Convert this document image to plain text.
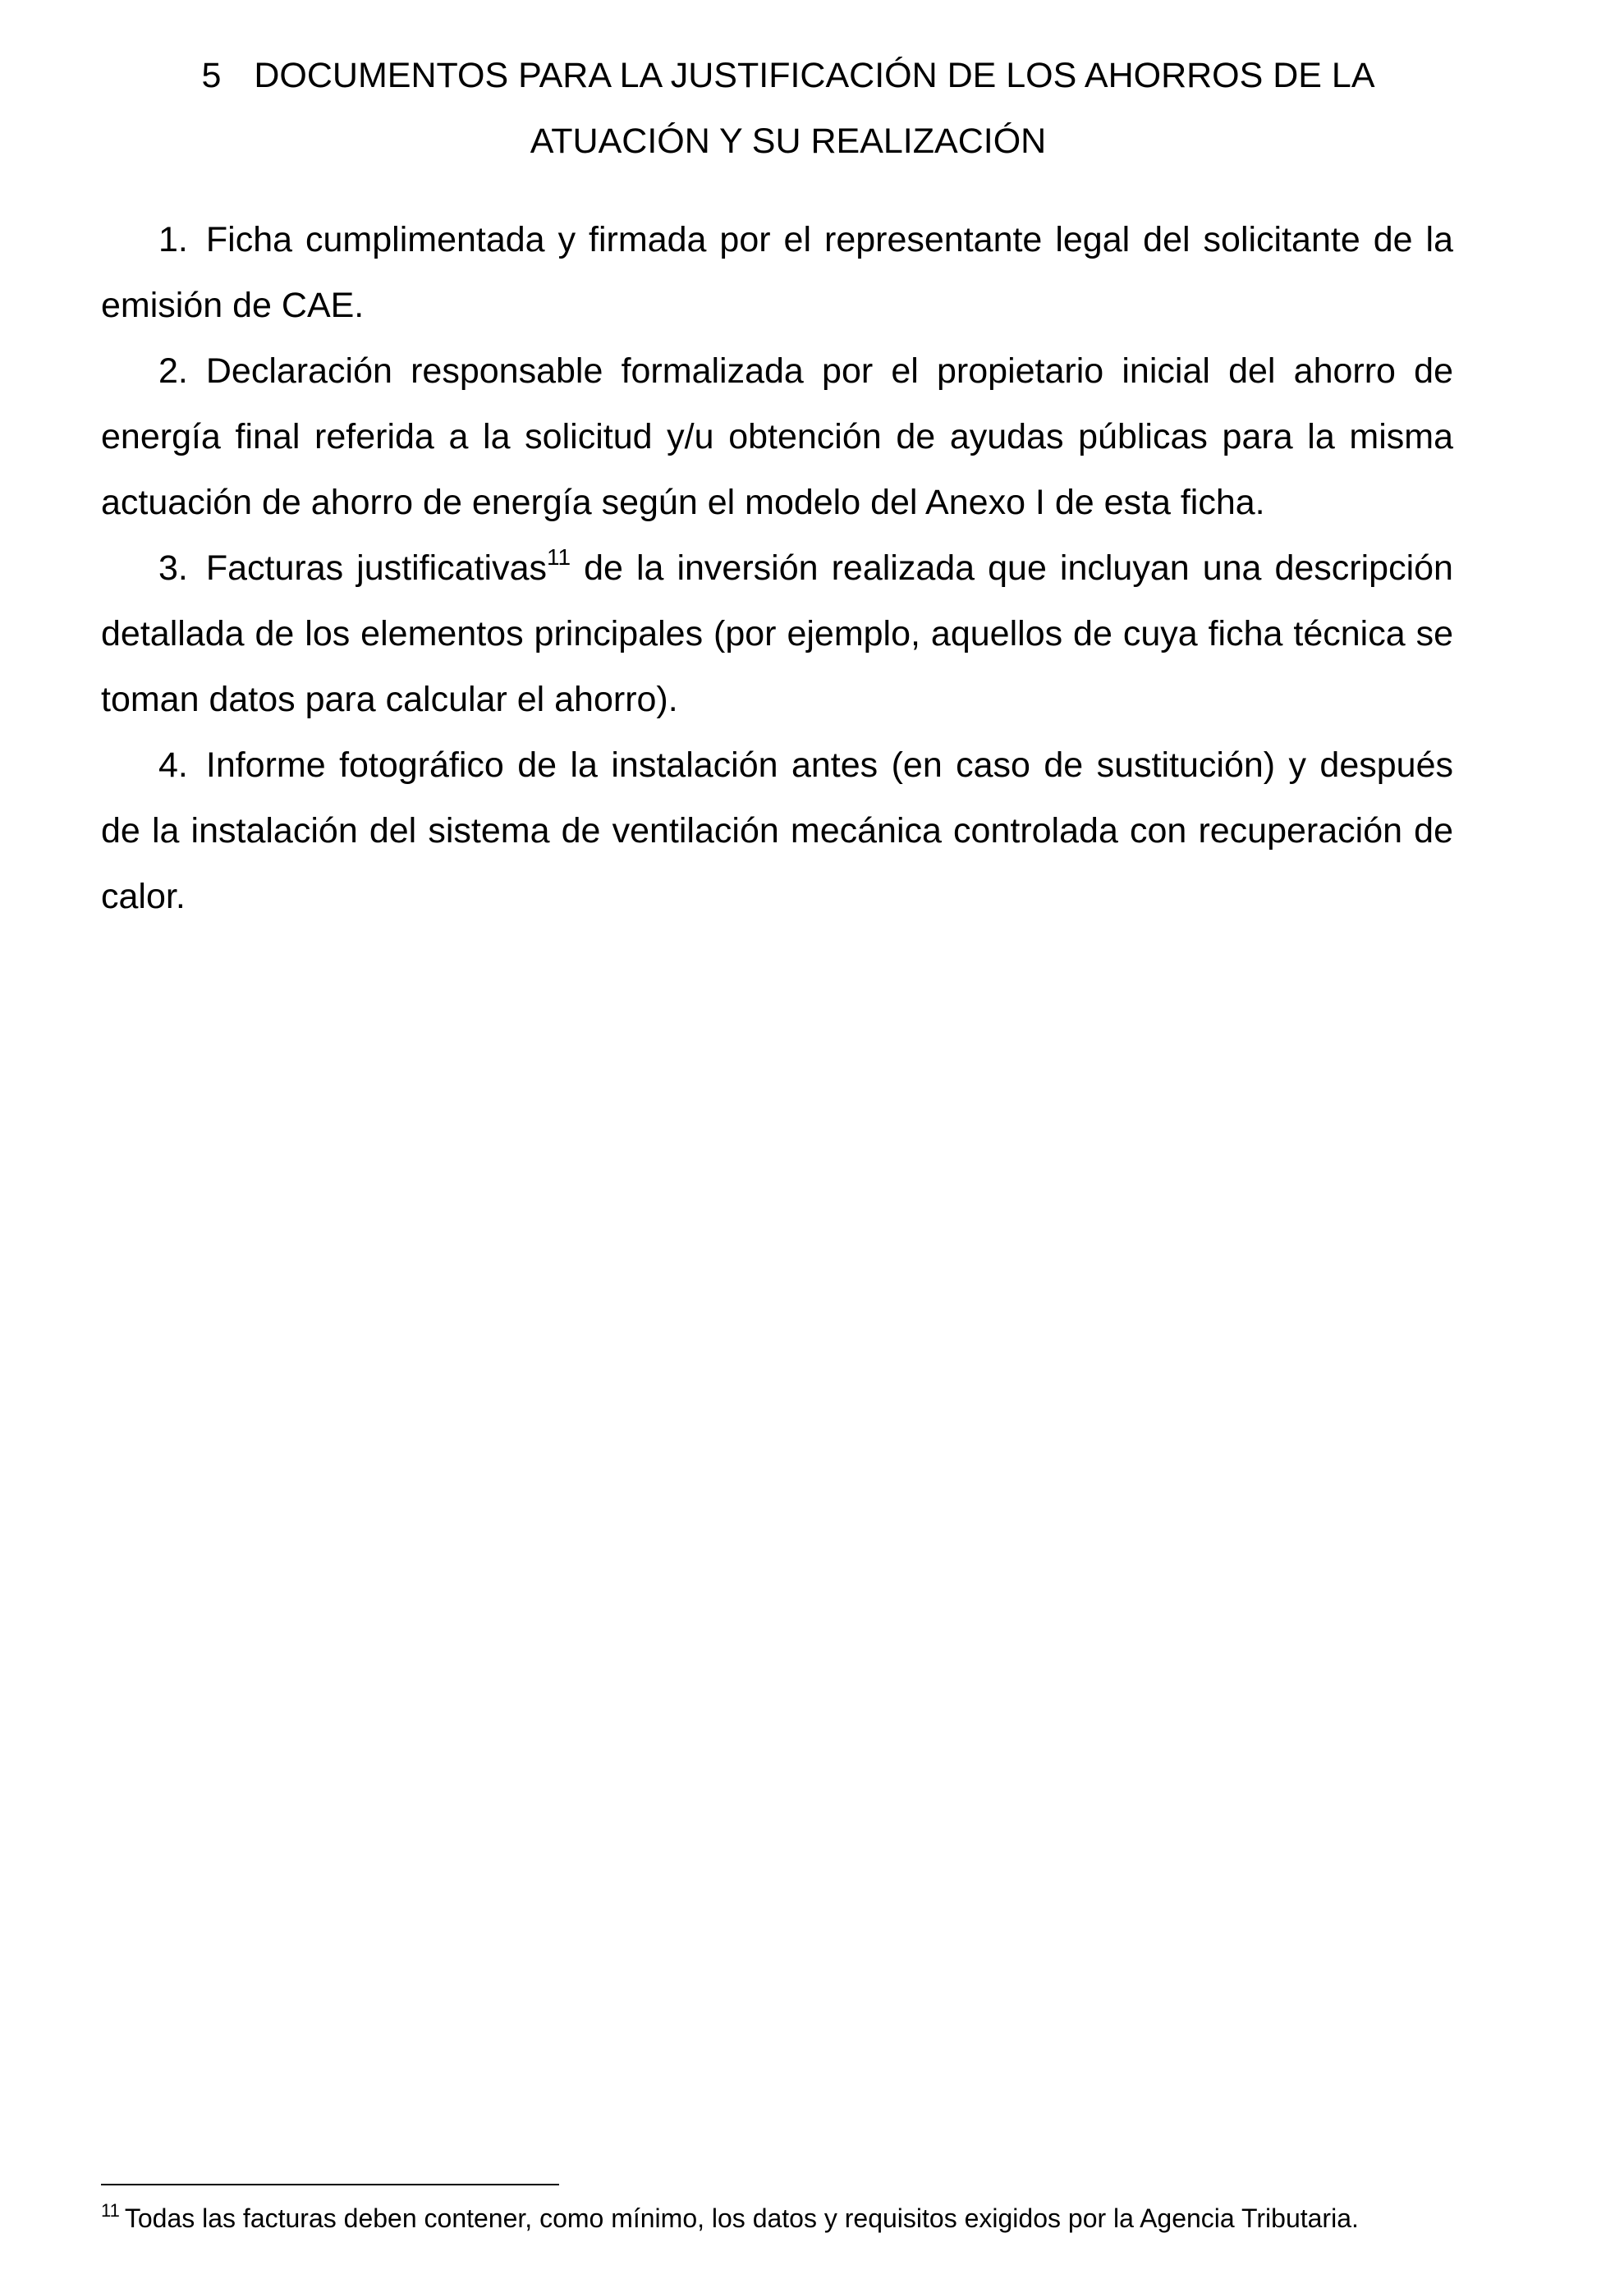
5 DOCUMENTOS PARA LA JUSTIFICACIÓN DE LOS AHORROS DE LA
ATUACIÓN Y SU REALIZACIÓN
1. Ficha cumplimentada y firmada por el representante legal del solicitante de la emisión de CAE.
2. Declaración responsable formalizada por el propietario inicial del ahorro de energía final referida a la solicitud y/u obtención de ayudas públicas para la misma actuación de ahorro de energía según el modelo del Anexo I de esta ficha.
3. Facturas justificativas$^{11}$ de la inversión realizada que incluyan una descripción detallada de los elementos principales (por ejemplo, aquellos de cuya ficha técnica se toman datos para calcular el ahorro).
4. Informe fotográfico de la instalación antes (en caso de sustitución) y después de la instalación del sistema de ventilación mecánica controlada con recuperación de calor.

$^{11}$ Todas las facturas deben contener, como mínimo, los datos y requisitos exigidos por la Agencia Tributaria.
